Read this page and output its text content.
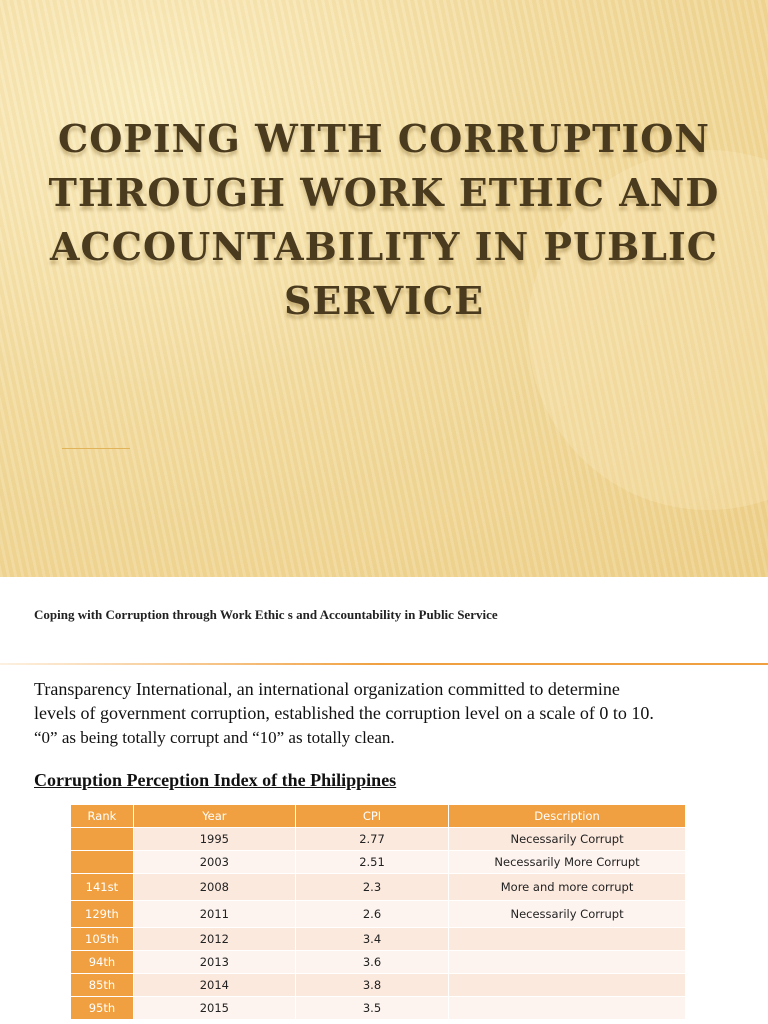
COPING WITH CORRUPTION THROUGH WORK ETHIC AND ACCOUNTABILITY IN PUBLIC SERVICE
Coping with Corruption through Work Ethic s and Accountability in Public Service

Transparency International, an international organization committed to determine
levels of government corruption, established the corruption level on a scale of 0 to 10.
“0” as being totally corrupt and “10” as totally clean.

Corruption Perception Index of the Philippines
Rank	Year	CPI	Description
	1995	2.77	Necessarily Corrupt
	2003	2.51	Necessarily More Corrupt
141st	2008	2.3	More and more corrupt
129th	2011	2.6	Necessarily Corrupt
105th	2012	3.4	
94th	2013	3.6	
85th	2014	3.8	
95th	2015	3.5	
